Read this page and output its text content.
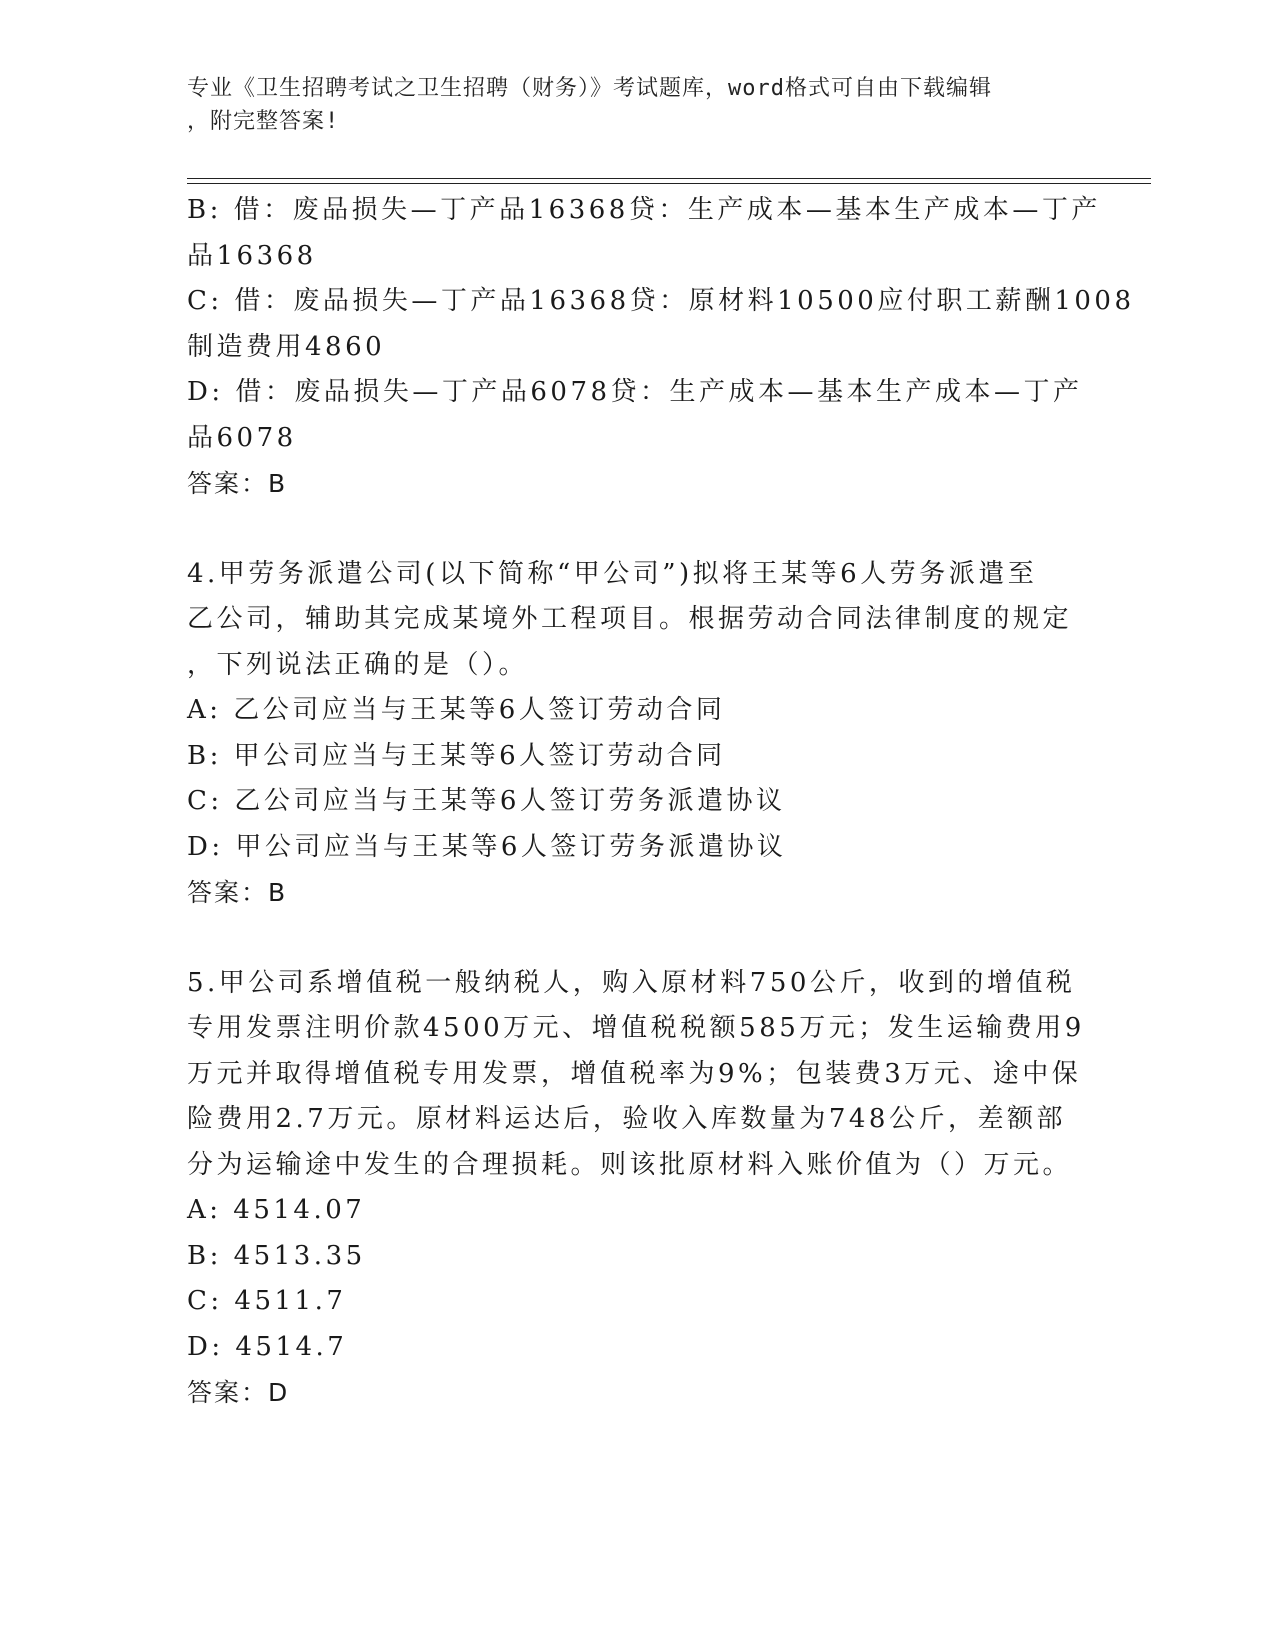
专业《卫生招聘考试之卫生招聘（财务）》考试题库，word格式可自由下载编辑
，附完整答案!
B: 借：废品损失—丁产品16368贷：生产成本—基本生产成本—丁产
品16368
C: 借：废品损失—丁产品16368贷：原材料10500应付职工薪酬1008
制造费用4860
D: 借：废品损失—丁产品6078贷：生产成本—基本生产成本—丁产
品6078
答案：B
4.甲劳务派遣公司(以下简称“甲公司”)拟将王某等6人劳务派遣至
乙公司，辅助其完成某境外工程项目。根据劳动合同法律制度的规定
，下列说法正确的是（）。
A: 乙公司应当与王某等6人签订劳动合同
B: 甲公司应当与王某等6人签订劳动合同
C: 乙公司应当与王某等6人签订劳务派遣协议
D: 甲公司应当与王某等6人签订劳务派遣协议
答案：B
5.甲公司系增值税一般纳税人，购入原材料750公斤，收到的增值税
专用发票注明价款4500万元、增值税税额585万元；发生运输费用9
万元并取得增值税专用发票，增值税率为9%；包装费3万元、途中保
险费用2.7万元。原材料运达后，验收入库数量为748公斤，差额部
分为运输途中发生的合理损耗。则该批原材料入账价值为（）万元。
A: 4514.07
B: 4513.35
C: 4511.7
D: 4514.7
答案：D
